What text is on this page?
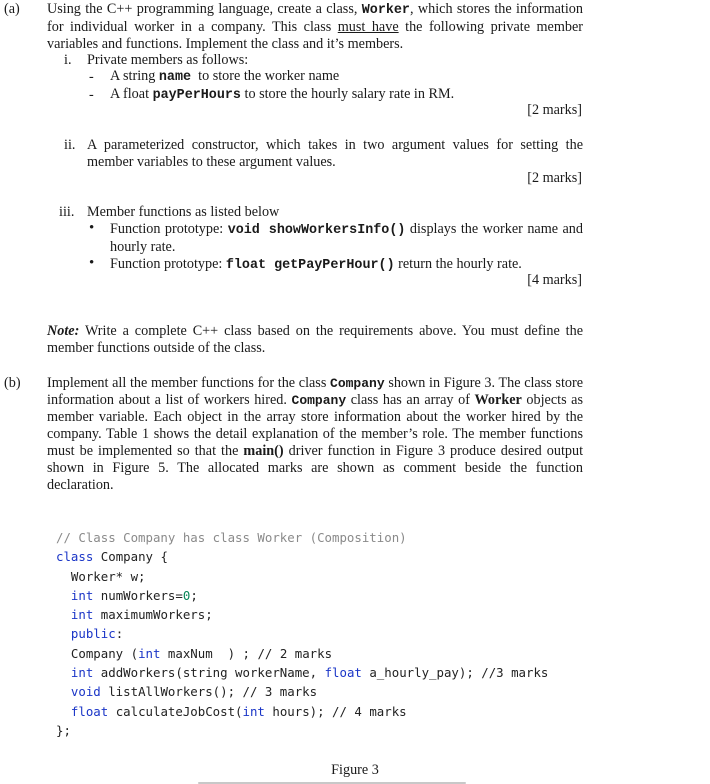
(a) Using the C++ programming language, create a class, Worker, which stores the information for individual worker in a company. This class must have the following private member variables and functions. Implement the class and it’s members.
i. Private members as follows:
- A string name to store the worker name
- A float payPerHours to store the hourly salary rate in RM.
[2 marks]
ii. A parameterized constructor, which takes in two argument values for setting the member variables to these argument values.
[2 marks]
iii. Member functions as listed below
• Function prototype: void showWorkersInfo() displays the worker name and hourly rate.
• Function prototype: float getPayPerHour() return the hourly rate.
[4 marks]
Note: Write a complete C++ class based on the requirements above. You must define the member functions outside of the class.
(b) Implement all the member functions for the class Company shown in Figure 3. The class store information about a list of workers hired. Company class has an array of Worker objects as member variable. Each object in the array store information about the worker hired by the company. Table 1 shows the detail explanation of the member’s role. The member functions must be implemented so that the main() driver function in Figure 3 produce desired output shown in Figure 5. The allocated marks are shown as comment beside the function declaration.
// Class Company has class Worker (Composition)
class Company {
Worker* w;
int numWorkers=0;
int maximumWorkers;
public:
Company (int maxNum  ) ; // 2 marks
int addWorkers(string workerName, float a_hourly_pay); //3 marks
void listAllWorkers(); // 3 marks
float calculateJobCost(int hours); // 4 marks
};
Figure 3
